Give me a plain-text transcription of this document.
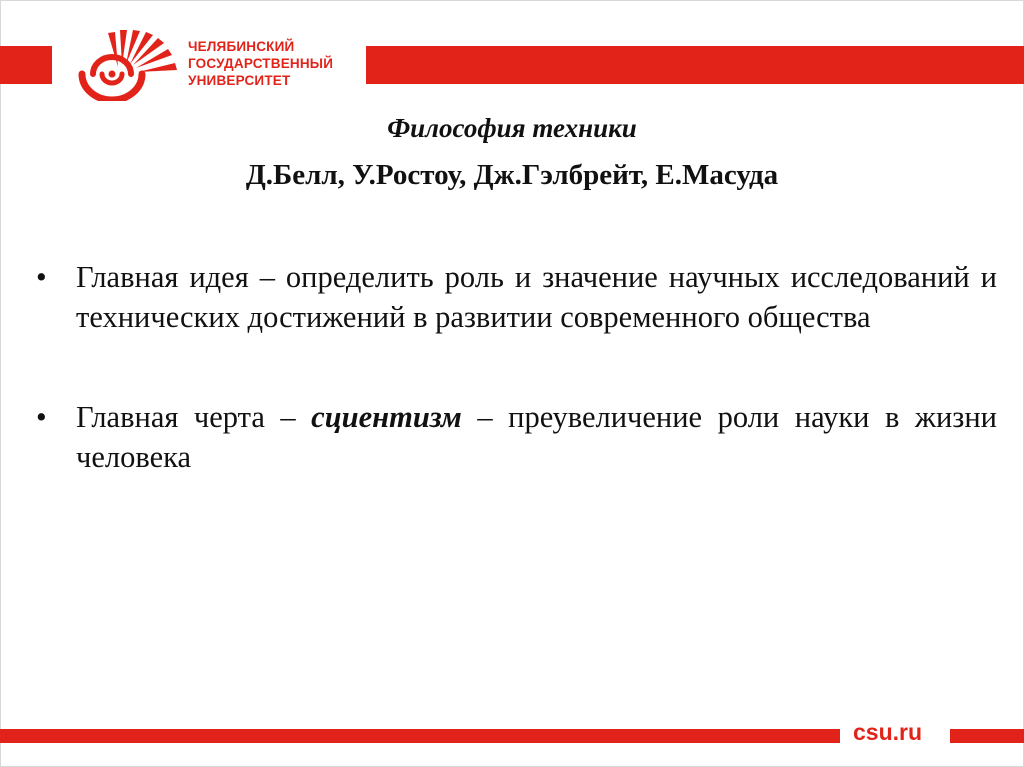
ЧЕЛЯБИНСКИЙ
ГОСУДАРСТВЕННЫЙ
УНИВЕРСИТЕТ
Философия техники
Д.Белл, У.Ростоу, Дж.Гэлбрейт, Е.Масуда
• Главная идея – определить роль и значение научных исследований и технических достижений в развитии современного общества
• Главная черта – сциентизм – преувеличение роли науки в жизни человека
csu.ru
